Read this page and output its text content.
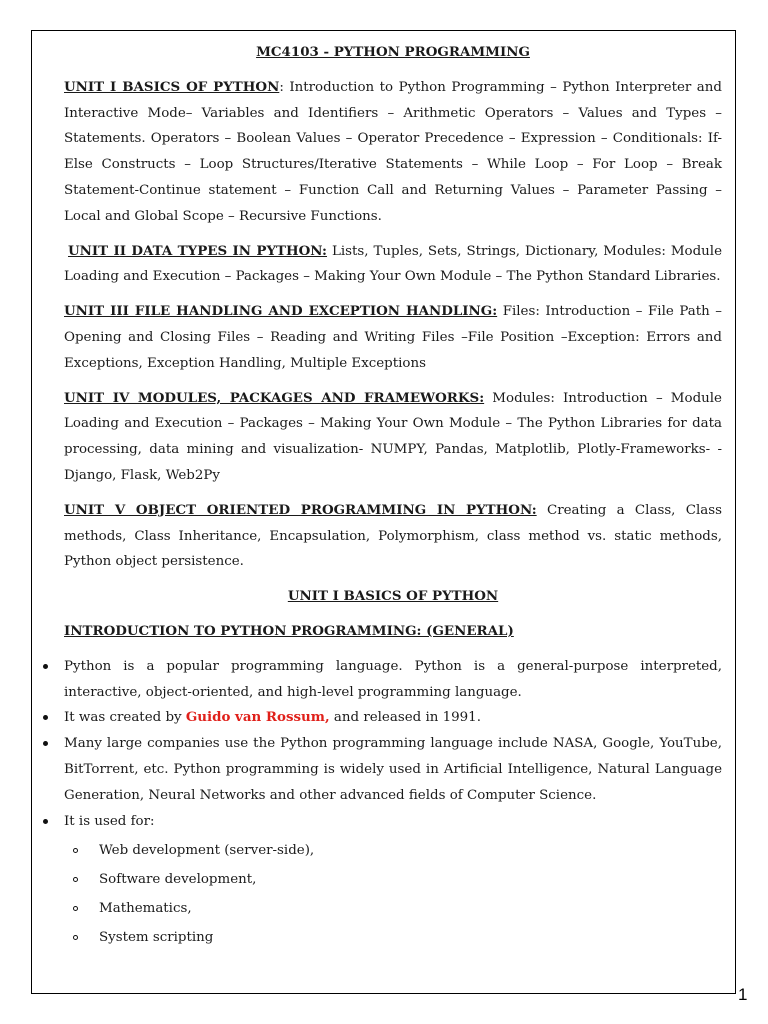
MC4103 - PYTHON PROGRAMMING

UNIT I BASICS OF PYTHON: Introduction to Python Programming – Python Interpreter and Interactive Mode– Variables and Identifiers – Arithmetic Operators – Values and Types – Statements. Operators – Boolean Values – Operator Precedence – Expression – Conditionals: If-Else Constructs – Loop Structures/Iterative Statements – While Loop – For Loop – Break Statement-Continue statement – Function Call and Returning Values – Parameter Passing – Local and Global Scope – Recursive Functions.

UNIT II DATA TYPES IN PYTHON: Lists, Tuples, Sets, Strings, Dictionary, Modules: Module Loading and Execution – Packages – Making Your Own Module – The Python Standard Libraries.

UNIT III FILE HANDLING AND EXCEPTION HANDLING: Files: Introduction – File Path – Opening and Closing Files – Reading and Writing Files –File Position –Exception: Errors and Exceptions, Exception Handling, Multiple Exceptions

UNIT IV MODULES, PACKAGES AND FRAMEWORKS: Modules: Introduction – Module Loading and Execution – Packages – Making Your Own Module – The Python Libraries for data processing, data mining and visualization- NUMPY, Pandas, Matplotlib, Plotly-Frameworks- -Django, Flask, Web2Py

UNIT V OBJECT ORIENTED PROGRAMMING IN PYTHON: Creating a Class, Class methods, Class Inheritance, Encapsulation, Polymorphism, class method vs. static methods, Python object persistence.

UNIT I BASICS OF PYTHON
INTRODUCTION TO PYTHON PROGRAMMING: (GENERAL)
Python is a popular programming language. Python is a general-purpose interpreted, interactive, object-oriented, and high-level programming language.
It was created by Guido van Rossum, and released in 1991.
Many large companies use the Python programming language include NASA, Google, YouTube, BitTorrent, etc. Python programming is widely used in Artificial Intelligence, Natural Language Generation, Neural Networks and other advanced fields of Computer Science.
It is used for:
Web development (server-side),
Software development,
Mathematics,
System scripting
1
